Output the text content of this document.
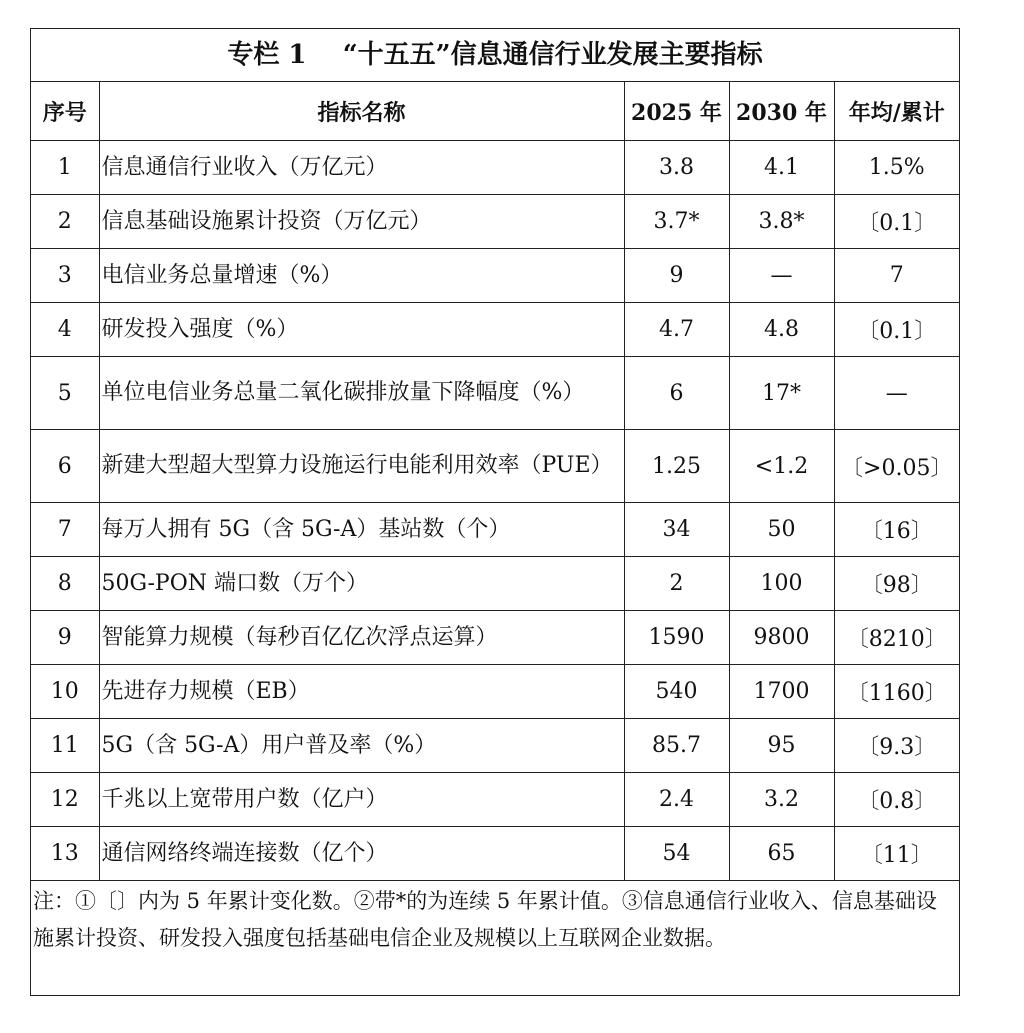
专栏 1    “十五五”信息通信行业发展主要指标
序号	指标名称	2025 年	2030 年	年均/累计
1	信息通信行业收入（万亿元）	3.8	4.1	1.5%
2	信息基础设施累计投资（万亿元）	3.7*	3.8*	〔0.1〕
3	电信业务总量增速（%）	9	—	7
4	研发投入强度（%）	4.7	4.8	〔0.1〕
5	单位电信业务总量二氧化碳排放量下降幅度（%）	6	17*	—
6	新建大型超大型算力设施运行电能利用效率（PUE）	1.25	<1.2	〔>0.05〕
7	每万人拥有 5G（含 5G-A）基站数（个）	34	50	〔16〕
8	50G-PON 端口数（万个）	2	100	〔98〕
9	智能算力规模（每秒百亿亿次浮点运算）	1590	9800	〔8210〕
10	先进存力规模（EB）	540	1700	〔1160〕
11	5G（含 5G-A）用户普及率（%）	85.7	95	〔9.3〕
12	千兆以上宽带用户数（亿户）	2.4	3.2	〔0.8〕
13	通信网络终端连接数（亿个）	54	65	〔11〕
注：①〔〕内为 5 年累计变化数。②带*的为连续 5 年累计值。③信息通信行业收入、信息基础设施累计投资、研发投入强度包括基础电信企业及规模以上互联网企业数据。
